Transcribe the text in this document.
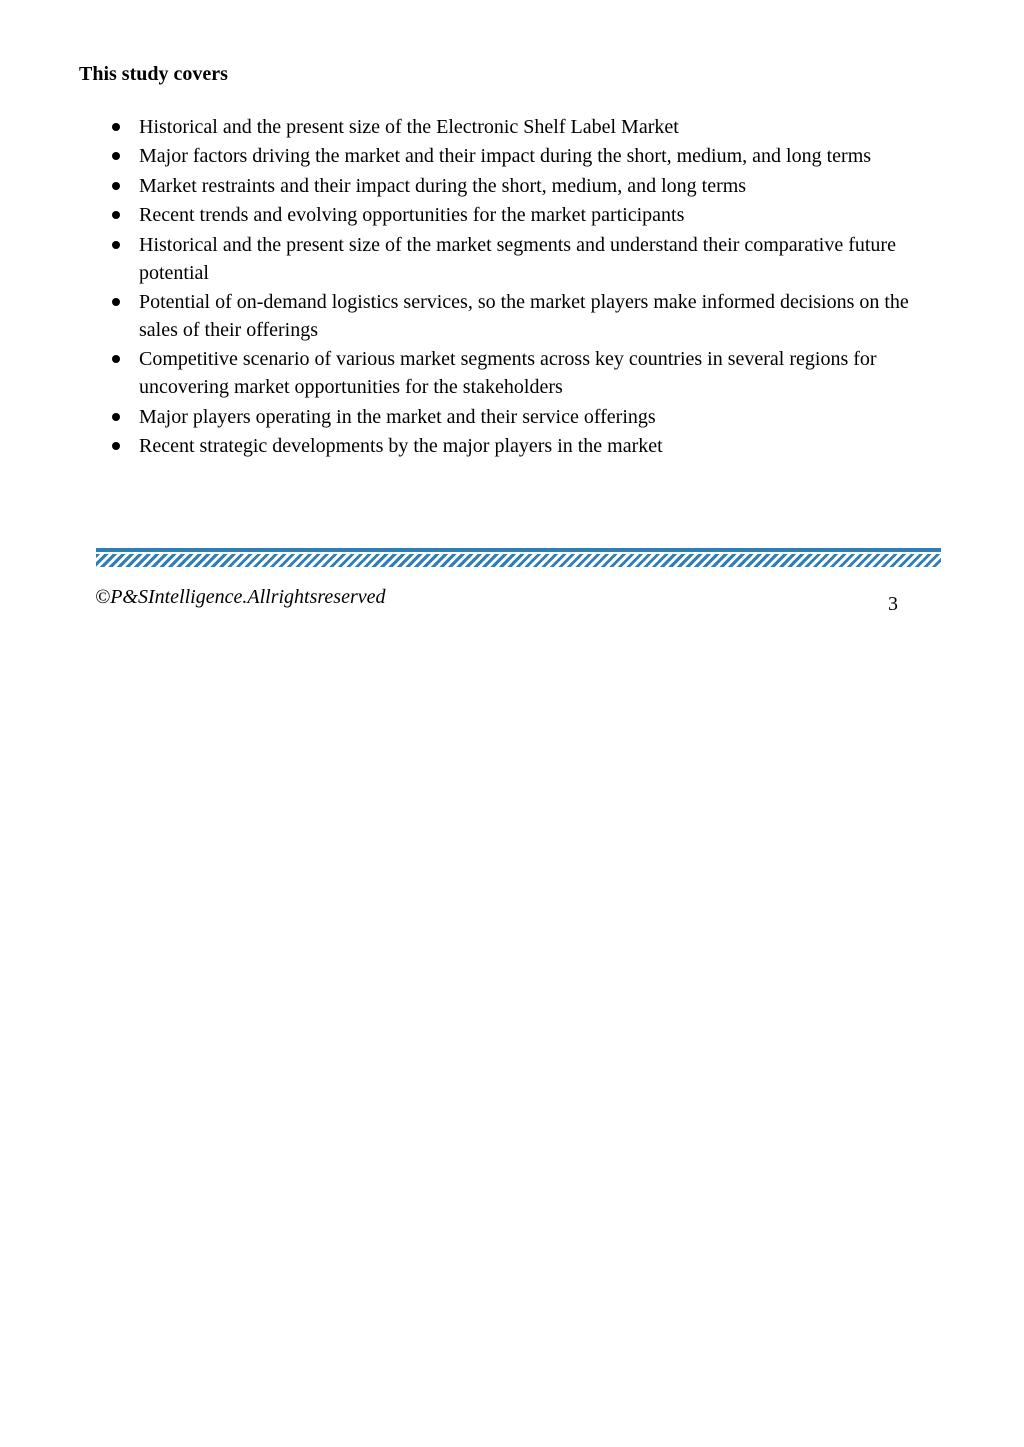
This study covers
Historical and the present size of the Electronic Shelf Label Market
Major factors driving the market and their impact during the short, medium, and long terms
Market restraints and their impact during the short, medium, and long terms
Recent trends and evolving opportunities for the market participants
Historical and the present size of the market segments and understand their comparative future potential
Potential of on-demand logistics services, so the market players make informed decisions on the sales of their offerings
Competitive scenario of various market segments across key countries in several regions for uncovering market opportunities for the stakeholders
Major players operating in the market and their service offerings
Recent strategic developments by the major players in the market
©P&SIntelligence.Allrightsreserved	3
